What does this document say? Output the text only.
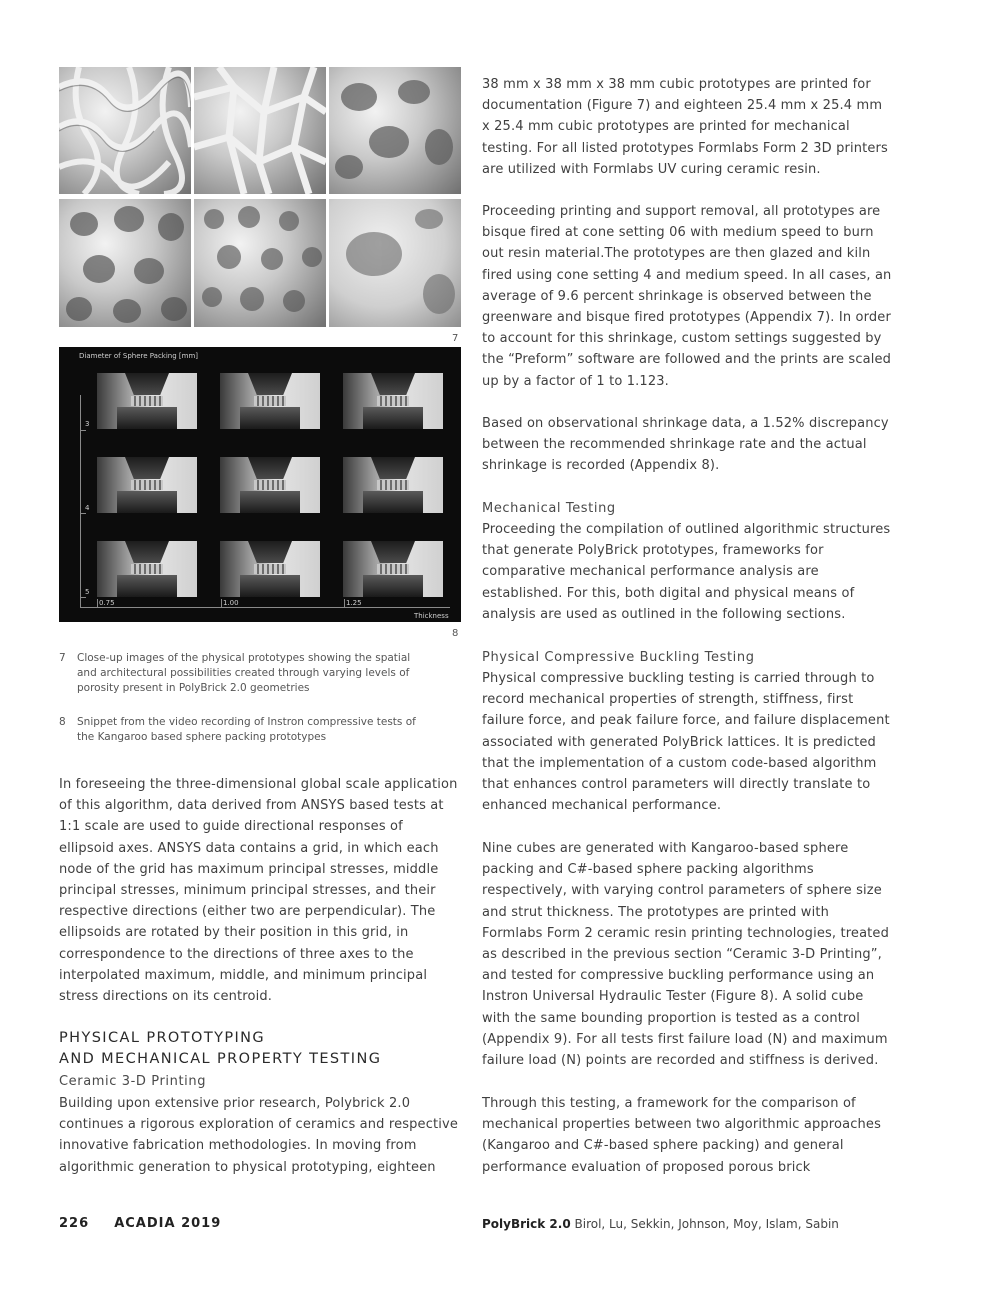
7
Diameter of Sphere Packing [mm]
3
4
5
0.75	1.00	1.25
Thickness
8
7 Close-up images of the physical prototypes showing the spatial and architectural possibilities created through varying levels of porosity present in PolyBrick 2.0 geometries
8 Snippet from the video recording of Instron compressive tests of the Kangaroo based sphere packing prototypes

In foreseeing the three-dimensional global scale application of this algorithm, data derived from ANSYS based tests at 1:1 scale are used to guide directional responses of ellipsoid axes. ANSYS data contains a grid, in which each node of the grid has maximum principal stresses, middle principal stresses, minimum principal stresses, and their respective directions (either two are perpendicular). The ellipsoids are rotated by their position in this grid, in correspondence to the directions of three axes to the interpolated maximum, middle, and minimum principal stress directions on its centroid.

PHYSICAL PROTOTYPING

AND MECHANICAL PROPERTY TESTING

Ceramic 3-D Printing

Building upon extensive prior research, Polybrick 2.0 continues a rigorous exploration of ceramics and respective innovative fabrication methodologies. In moving from algorithmic generation to physical prototyping, eighteen

38 mm x 38 mm x 38 mm cubic prototypes are printed for documentation (Figure 7) and eighteen 25.4 mm x 25.4 mm x 25.4 mm cubic prototypes are printed for mechanical testing. For all listed prototypes Formlabs Form 2 3D printers are utilized with Formlabs UV curing ceramic resin.

Proceeding printing and support removal, all prototypes are bisque fired at cone setting 06 with medium speed to burn out resin material.The prototypes are then glazed and kiln fired using cone setting 4 and medium speed. In all cases, an average of 9.6 percent shrinkage is observed between the greenware and bisque fired prototypes (Appendix 7). In order to account for this shrinkage, custom settings suggested by the “Preform” software are followed and the prints are scaled up by a factor of 1 to 1.123.

Based on observational shrinkage data, a 1.52% discrepancy between the recommended shrinkage rate and the actual shrinkage is recorded (Appendix 8).

Mechanical Testing

Proceeding the compilation of outlined algorithmic structures that generate PolyBrick prototypes, frameworks for comparative mechanical performance analysis are established. For this, both digital and physical means of analysis are used as outlined in the following sections.

Physical Compressive Buckling Testing

Physical compressive buckling testing is carried through to record mechanical properties of strength, stiffness, first failure force, and peak failure force, and failure displacement associated with generated PolyBrick lattices. It is predicted that the implementation of a custom code-based algorithm that enhances control parameters will directly translate to enhanced mechanical performance.

Nine cubes are generated with Kangaroo-based sphere packing and C#-based sphere packing algorithms respectively, with varying control parameters of sphere size and strut thickness. The prototypes are printed with Formlabs Form 2 ceramic resin printing technologies, treated as described in the previous section “Ceramic 3-D Printing”, and tested for compressive buckling performance using an Instron Universal Hydraulic Tester (Figure 8). A solid cube with the same bounding proportion is tested as a control (Appendix 9). For all tests first failure load (N) and maximum failure load (N) points are recorded and stiffness is derived.

Through this testing, a framework for the comparison of mechanical properties between two algorithmic approaches (Kangaroo and C#-based sphere packing) and general performance evaluation of proposed porous brick

226 ACADIA 2019	PolyBrick 2.0 Birol, Lu, Sekkin, Johnson, Moy, Islam, Sabin
